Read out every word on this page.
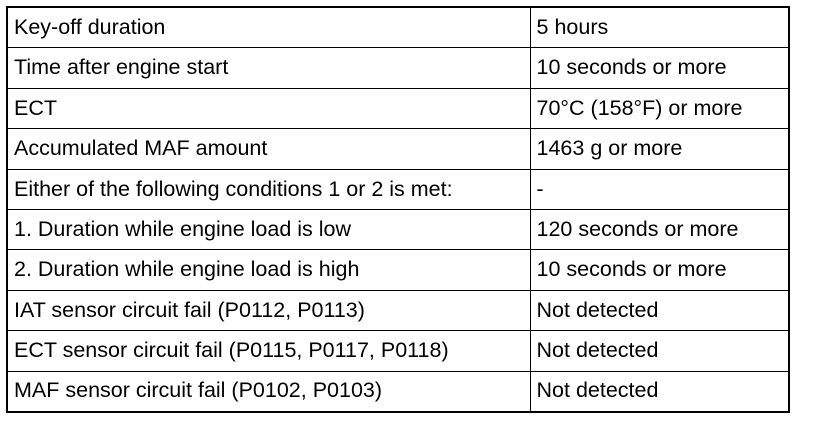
Key-off duration	5 hours
Time after engine start	10 seconds or more
ECT	70°C (158°F) or more
Accumulated MAF amount	1463 g or more
Either of the following conditions 1 or 2 is met:	-
1. Duration while engine load is low	120 seconds or more
2. Duration while engine load is high	10 seconds or more
IAT sensor circuit fail (P0112, P0113)	Not detected
ECT sensor circuit fail (P0115, P0117, P0118)	Not detected
MAF sensor circuit fail (P0102, P0103)	Not detected
